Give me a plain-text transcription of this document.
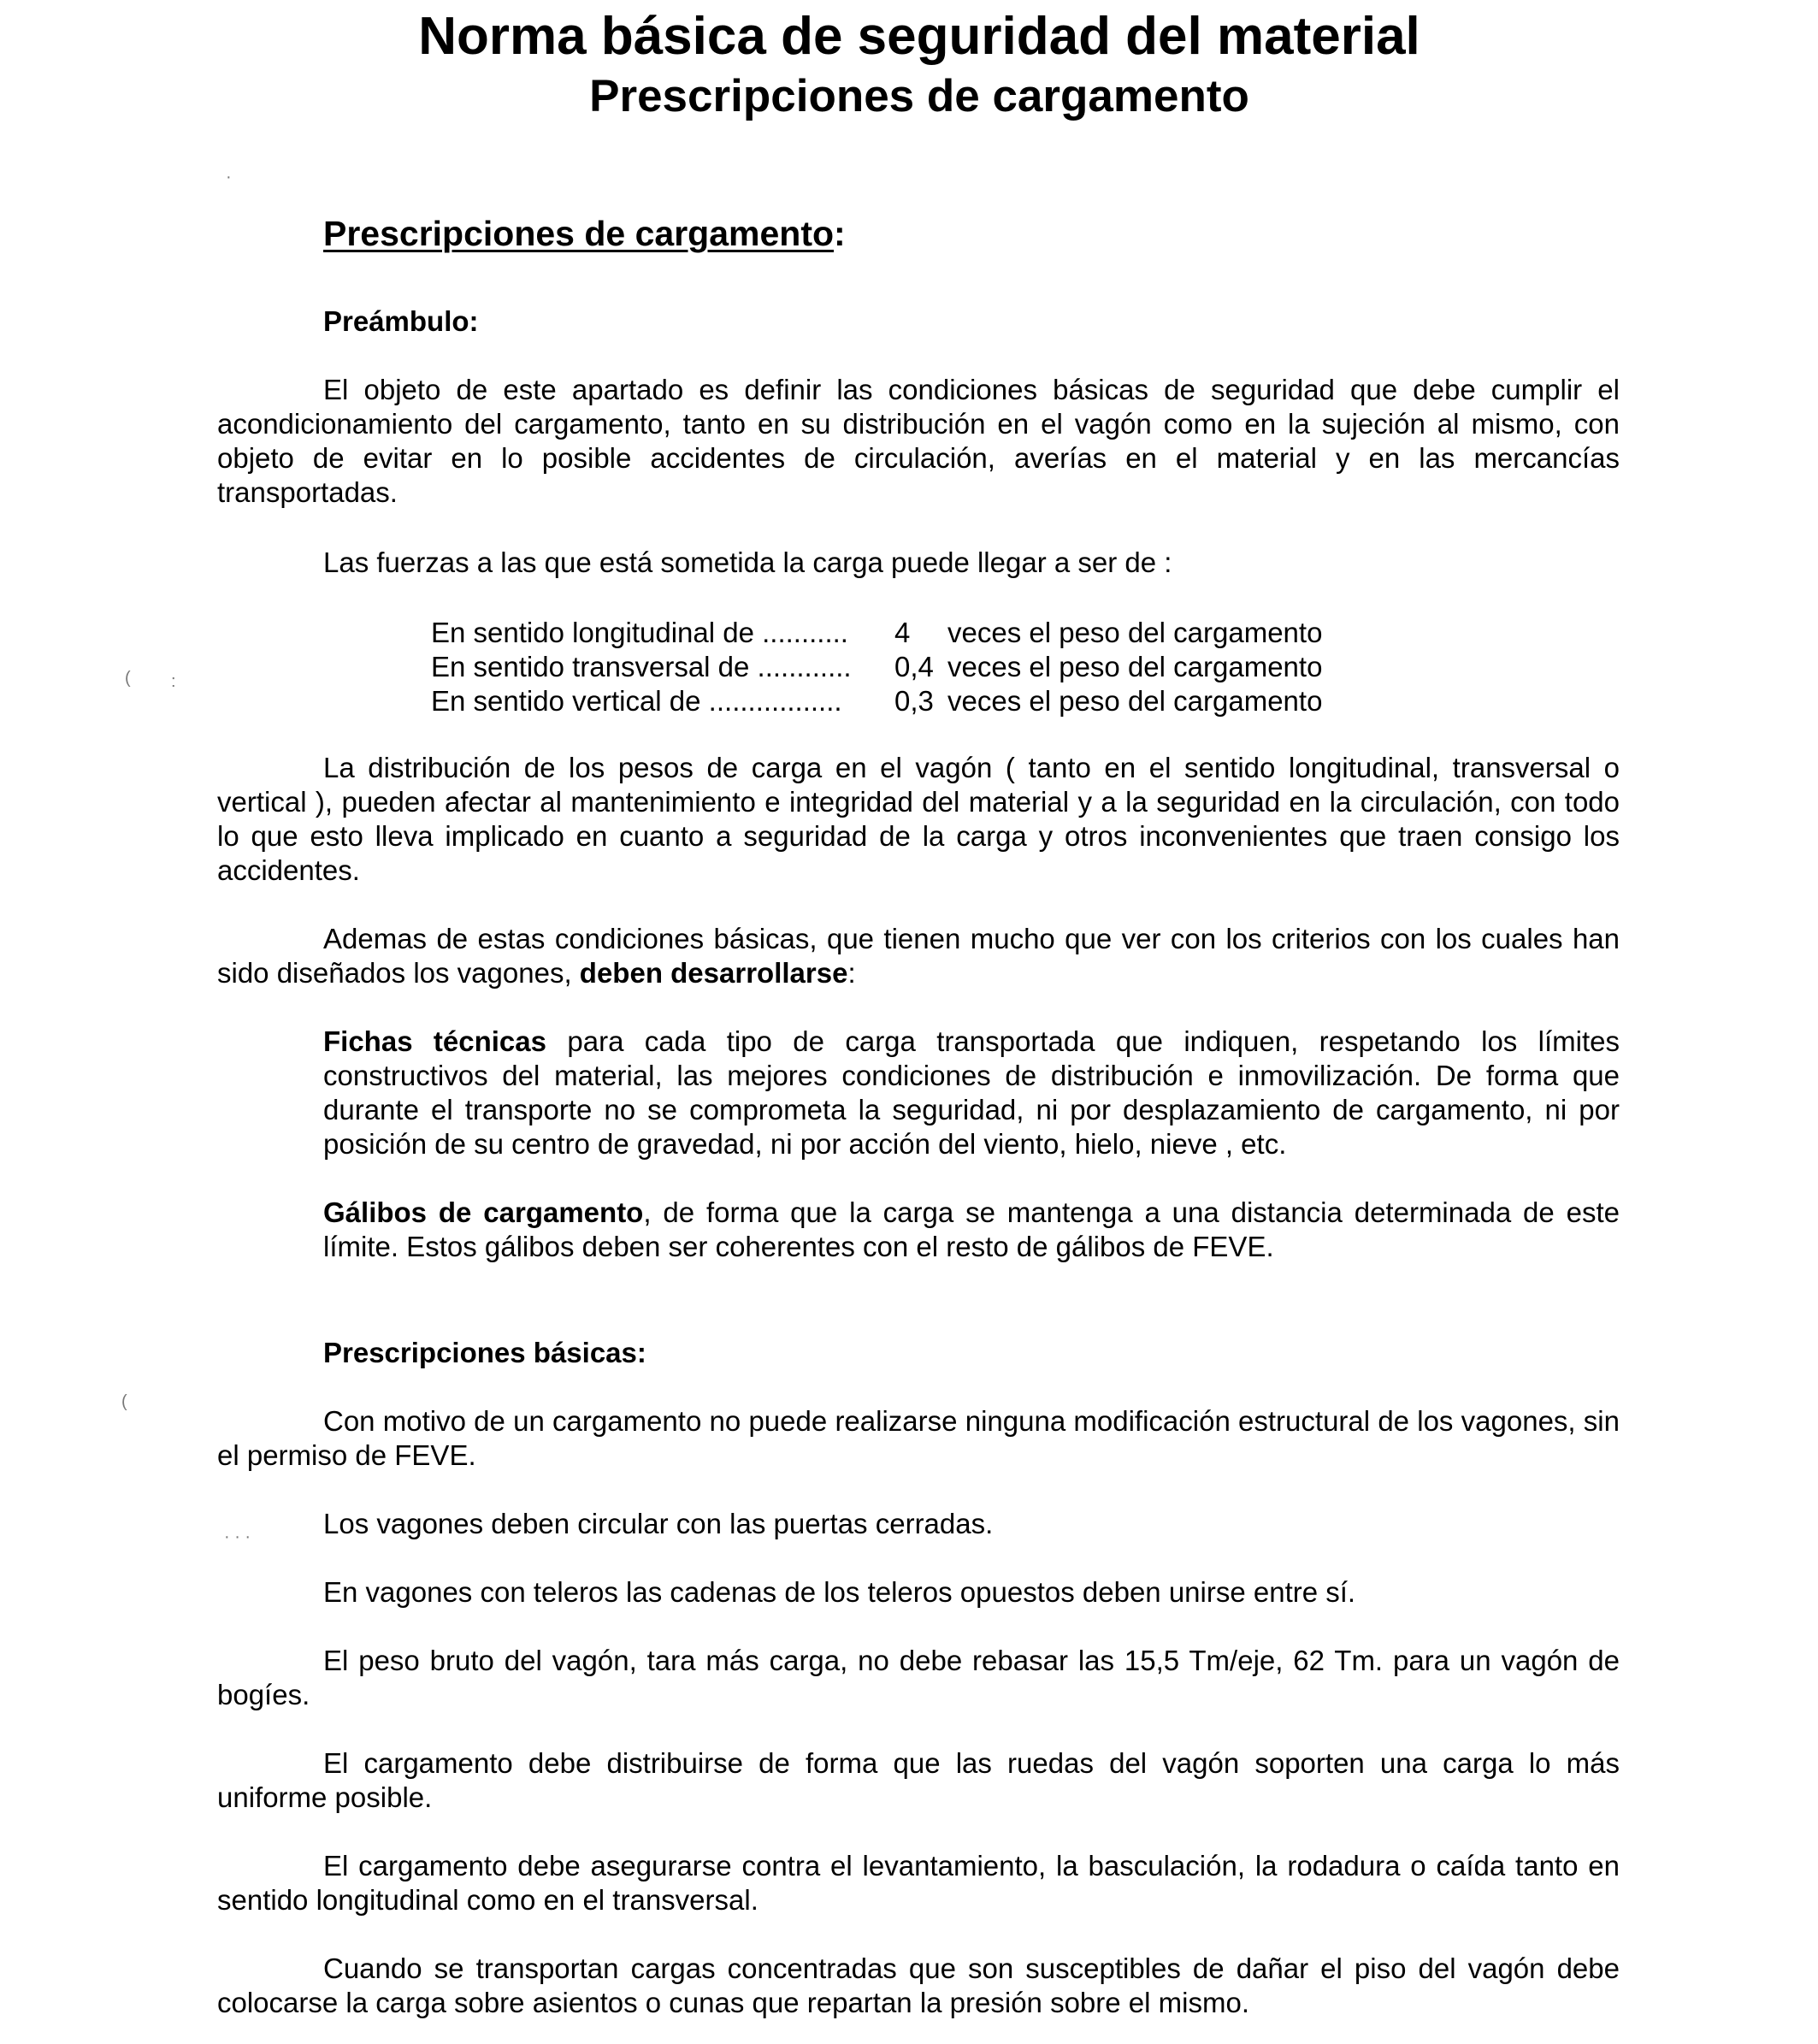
Norma básica de seguridad del material
Prescripciones de cargamento
Prescripciones de cargamento:
Preámbulo:

El objeto de este apartado es definir las condiciones básicas de seguridad que debe cumplir el acondicionamiento del cargamento, tanto en su distribución en el vagón como en la sujeción al mismo, con objeto de evitar en lo posible accidentes de circulación, averías en el material y en las mercancías transportadas.

Las fuerzas a las que está sometida la carga puede llegar a ser de :

En sentido longitudinal de ...........	4	veces el peso del cargamento
En sentido transversal de ............	0,4 veces el peso del cargamento
En sentido vertical de .................	0,3 veces el peso del cargamento

La distribución de los pesos de carga en el vagón ( tanto en el sentido longitudinal, transversal o vertical ), pueden afectar al mantenimiento e integridad del material y a la seguridad en la circulación, con todo lo que esto lleva implicado en cuanto a seguridad de la carga y otros inconvenientes que traen consigo los accidentes.

Ademas de estas condiciones básicas, que tienen mucho que ver con los criterios con los cuales han sido diseñados los vagones, deben desarrollarse:

Fichas técnicas para cada tipo de carga transportada que indiquen, respetando los límites constructivos del material, las mejores condiciones de distribución e inmovilización. De forma que durante el transporte no se comprometa la seguridad, ni por desplazamiento de cargamento, ni por posición de su centro de gravedad, ni por acción del viento, hielo, nieve , etc.

Gálibos de cargamento, de forma que la carga se mantenga a una distancia determinada de este límite. Estos gálibos deben ser coherentes con el resto de gálibos de FEVE.

Prescripciones básicas:

Con motivo de un cargamento no puede realizarse ninguna modificación estructural de los vagones, sin el permiso de FEVE.

Los vagones deben circular con las puertas cerradas.

En vagones con teleros las cadenas de los teleros opuestos deben unirse entre sí.

El peso bruto del vagón, tara más carga, no debe rebasar las 15,5 Tm/eje, 62 Tm. para un vagón de bogíes.

El cargamento debe distribuirse de forma que las ruedas del vagón soporten una carga lo más uniforme posible.

El cargamento debe asegurarse contra el levantamiento, la basculación, la rodadura o caída tanto en sentido longitudinal como en el transversal.

Cuando se transportan cargas concentradas que son susceptibles de dañar el piso del vagón debe colocarse la carga sobre asientos o cunas que repartan la presión sobre el mismo.

·
( :
(
· · ·
